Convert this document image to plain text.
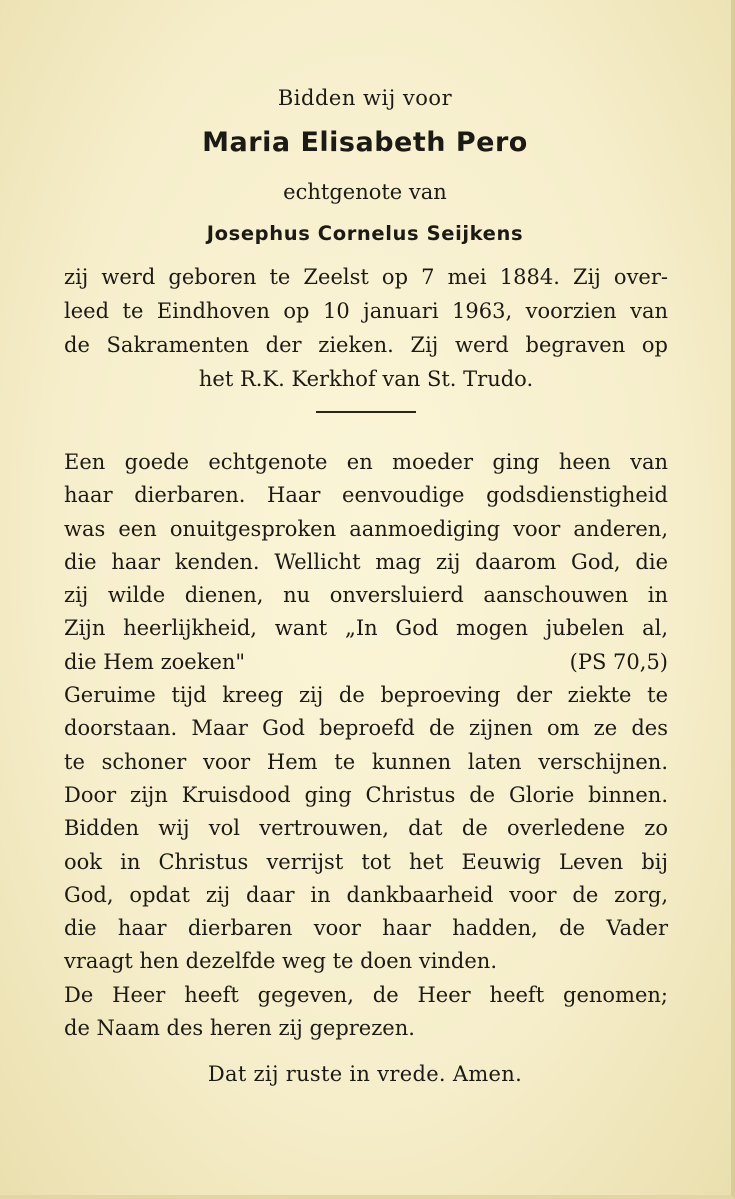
Bidden wij voor
Maria Elisabeth Pero
echtgenote van
Josephus Cornelus Seijkens
zij werd geboren te Zeelst op 7 mei 1884. Zij over-
leed te Eindhoven op 10 januari 1963, voorzien van
de Sakramenten der zieken. Zij werd begraven op
het R.K. Kerkhof van St. Trudo.
Een goede echtgenote en moeder ging heen van
haar dierbaren. Haar eenvoudige godsdienstigheid
was een onuitgesproken aanmoediging voor anderen,
die haar kenden. Wellicht mag zij daarom God, die
zij wilde dienen, nu onversluierd aanschouwen in
Zijn heerlijkheid, want „In God mogen jubelen al,
die Hem zoeken"	(PS 70,5)
Geruime tijd kreeg zij de beproeving der ziekte te
doorstaan. Maar God beproefd de zijnen om ze des
te schoner voor Hem te kunnen laten verschijnen.
Door zijn Kruisdood ging Christus de Glorie binnen.
Bidden wij vol vertrouwen, dat de overledene zo
ook in Christus verrijst tot het Eeuwig Leven bij
God, opdat zij daar in dankbaarheid voor de zorg,
die haar dierbaren voor haar hadden, de Vader
vraagt hen dezelfde weg te doen vinden.
De Heer heeft gegeven, de Heer heeft genomen;
de Naam des heren zij geprezen.
Dat zij ruste in vrede. Amen.
